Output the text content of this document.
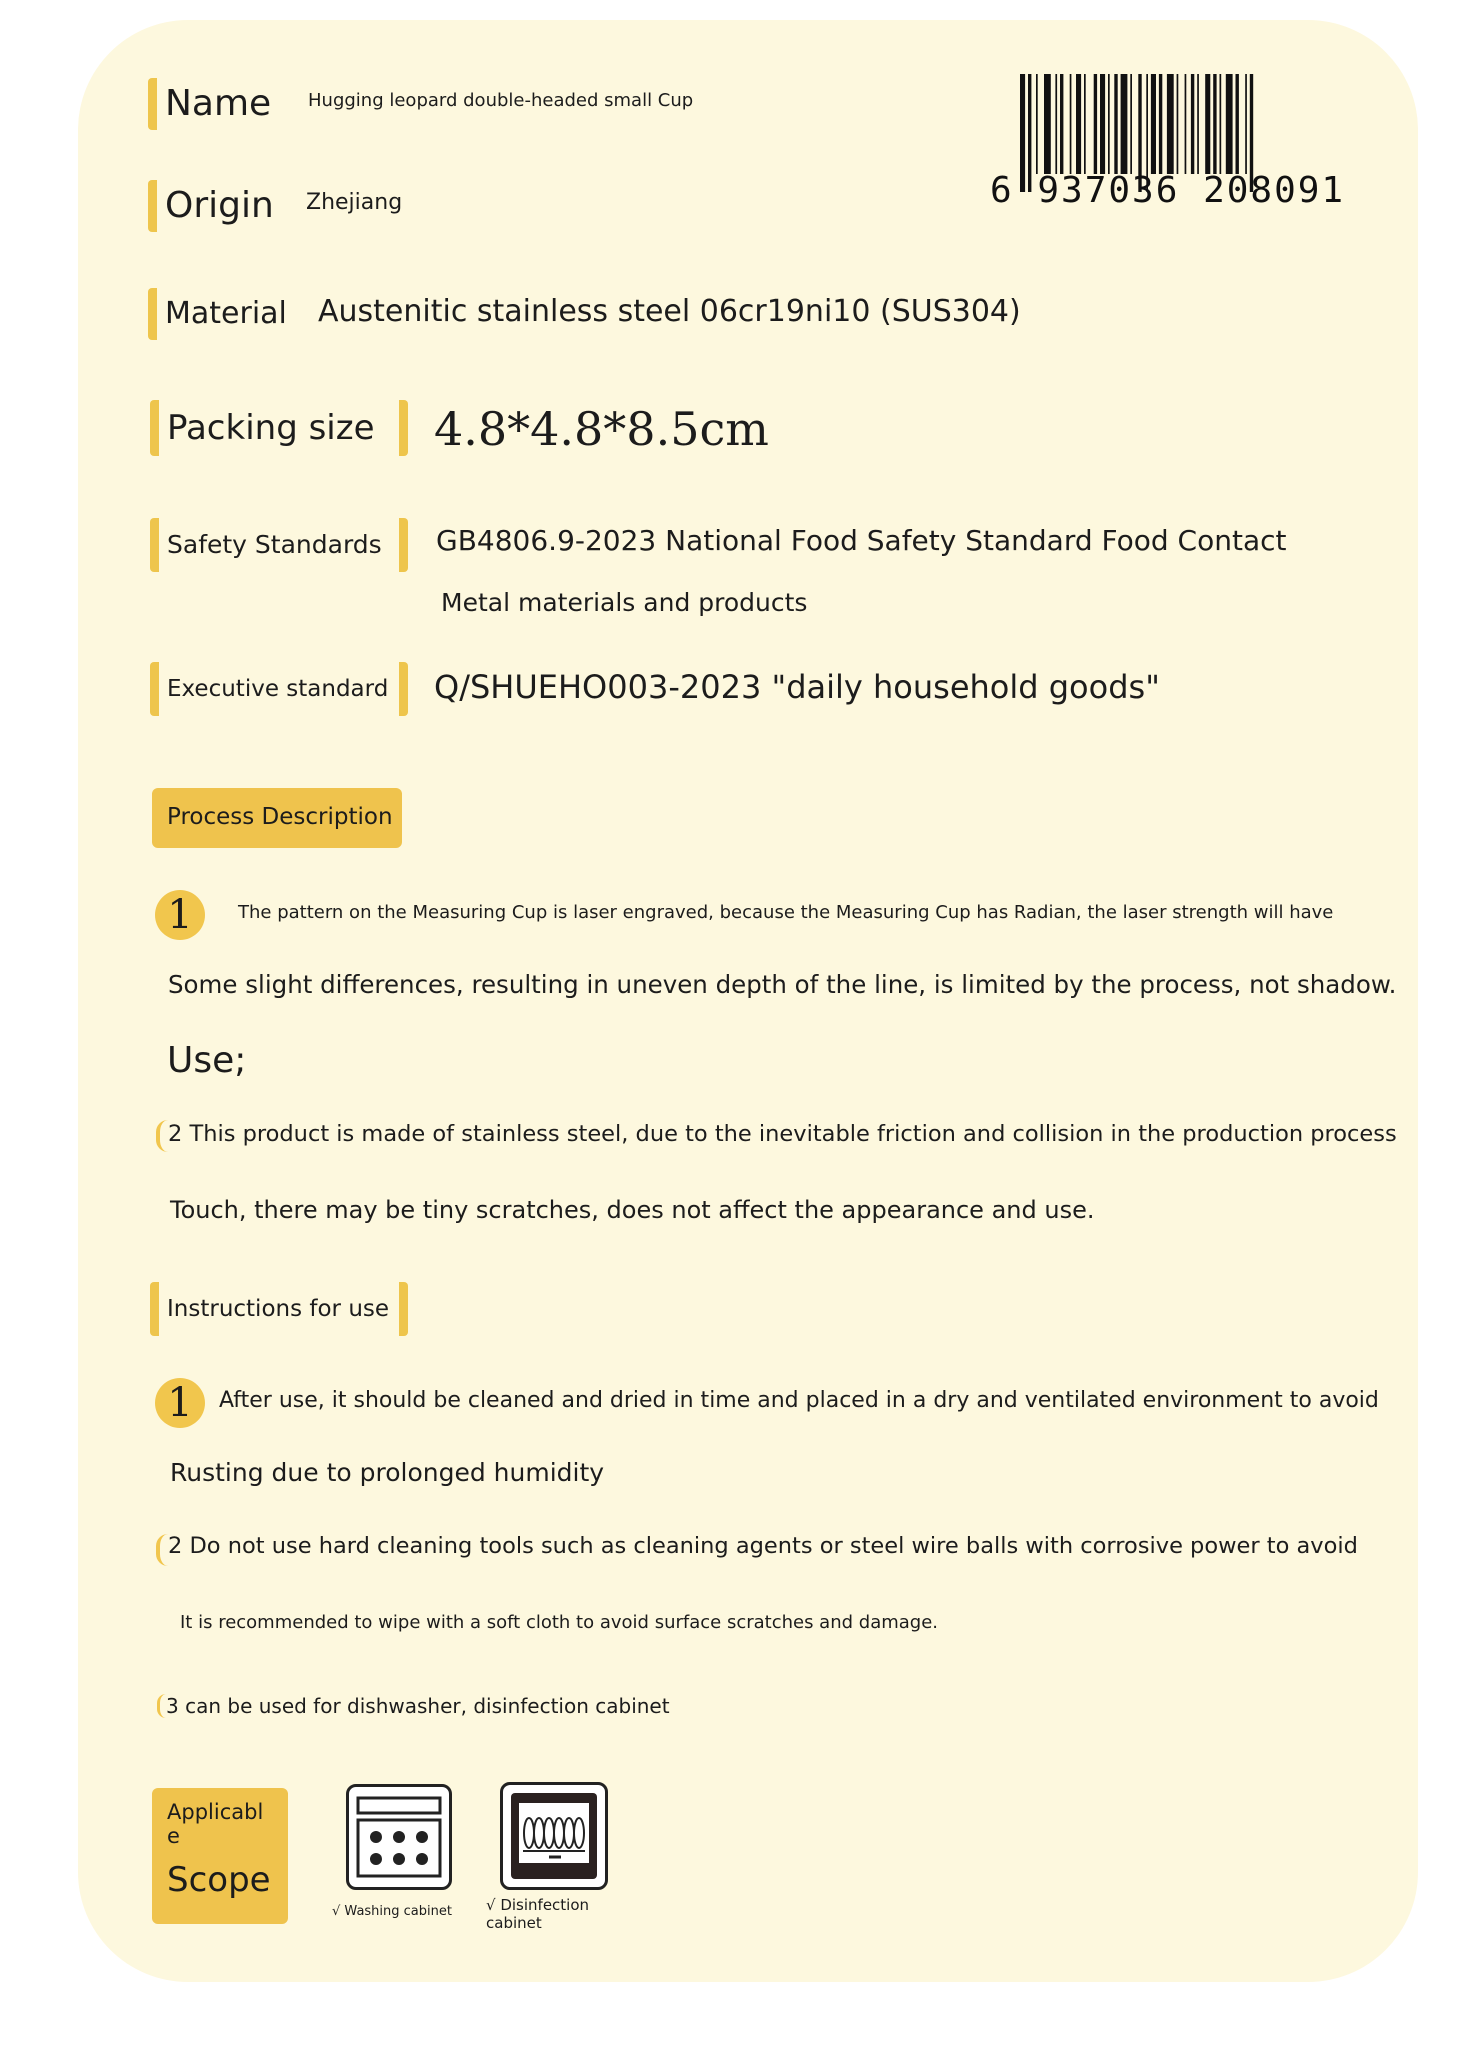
6 937036 208091
Name Hugging leopard double-headed small Cup
Origin Zhejiang
Material Austenitic stainless steel 06cr19ni10 (SUS304)
Packing size	4.8*4.8*8.5cm
Safety Standards	GB4806.9-2023 National Food Safety Standard Food Contact
Metal materials and products
Executive standard	Q/SHUEHO003-2023 "daily household goods"
Process Description
1	The pattern on the Measuring Cup is laser engraved, because the Measuring Cup has Radian, the laser strength will have
Some slight differences, resulting in uneven depth of the line, is limited by the process, not shadow.
Use;
2 This product is made of stainless steel, due to the inevitable friction and collision in the production process
Touch, there may be tiny scratches, does not affect the appearance and use.
Instructions for use
1	After use, it should be cleaned and dried in time and placed in a dry and ventilated environment to avoid
Rusting due to prolonged humidity
2 Do not use hard cleaning tools such as cleaning agents or steel wire balls with corrosive power to avoid
It is recommended to wipe with a soft cloth to avoid surface scratches and damage.
3 can be used for dishwasher, disinfection cabinet
Applicabl
e
Scope
√ Washing cabinet √ Disinfection
cabinet
